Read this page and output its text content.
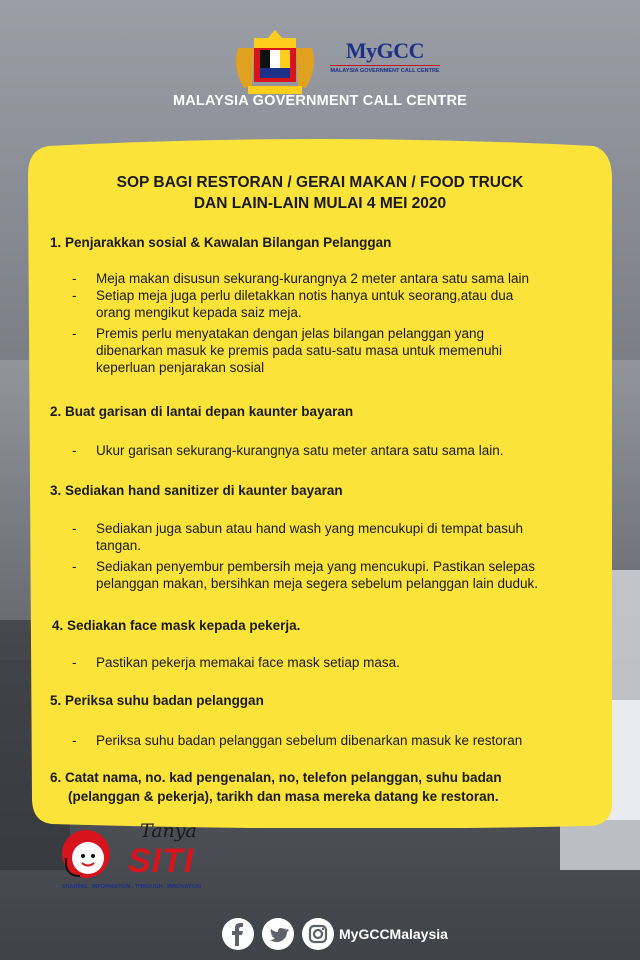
MyGCC
MALAYSIA GOVERNMENT CALL CENTRE
MALAYSIA GOVERNMENT CALL CENTRE
SOP BAGI RESTORAN / GERAI MAKAN / FOOD TRUCK
DAN LAIN-LAIN MULAI 4 MEI 2020
1. Penjarakkan sosial & Kawalan Bilangan Pelanggan
- Meja makan disusun sekurang-kurangnya 2 meter antara satu sama lain
- Setiap meja juga perlu diletakkan notis hanya untuk seorang,atau dua
orang mengikut kepada saiz meja.
- Premis perlu menyatakan dengan jelas bilangan pelanggan yang
dibenarkan masuk ke premis pada satu-satu masa untuk memenuhi
keperluan penjarakan sosial
2. Buat garisan di lantai depan kaunter bayaran
- Ukur garisan sekurang-kurangnya satu meter antara satu sama lain.
3. Sediakan hand sanitizer di kaunter bayaran
- Sediakan juga sabun atau hand wash yang mencukupi di tempat basuh
tangan.
- Sediakan penyembur pembersih meja yang mencukupi. Pastikan selepas
pelanggan makan, bersihkan meja segera sebelum pelanggan lain duduk.
4. Sediakan face mask kepada pekerja.
- Pastikan pekerja memakai face mask setiap masa.
5. Periksa suhu badan pelanggan
- Periksa suhu badan pelanggan sebelum dibenarkan masuk ke restoran
6. Catat nama, no. kad pengenalan, no, telefon pelanggan, suhu badan
(pelanggan & pekerja), tarikh dan masa mereka datang ke restoran.
Tanya
SITI
SHARING . INFORMATION . THROUGH . INNOVATION
MyGCCMalaysia
